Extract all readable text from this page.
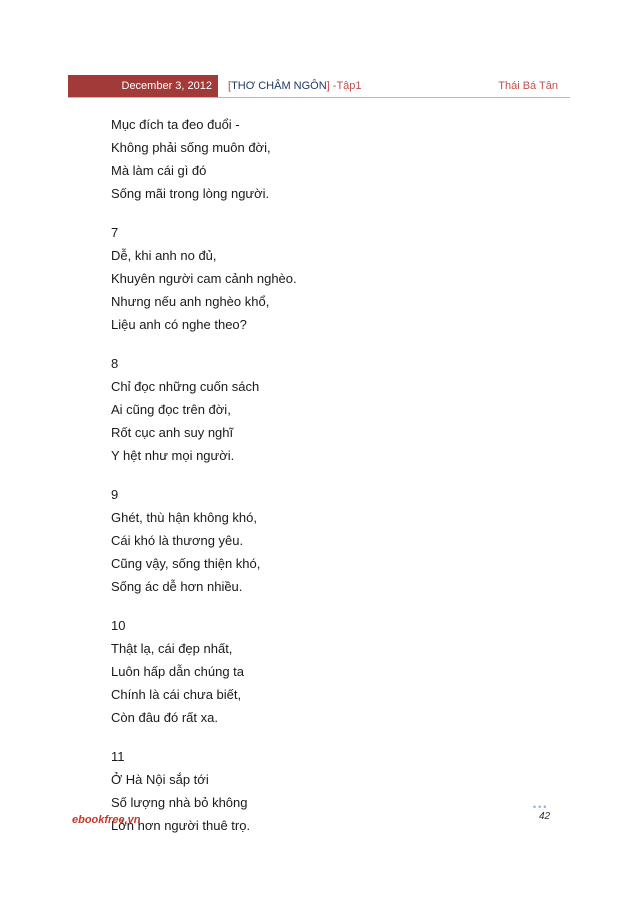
December 3, 2012	[THƠ CHÂM NGÔN] -Tập1	Thái Bá Tân
Mục đích ta đeo đuổi -
Không phải sống muôn đời,
Mà làm cái gì đó
Sống mãi trong lòng người.
7
Dễ, khi anh no đủ,
Khuyên người cam cảnh nghèo.
Nhưng nếu anh nghèo khổ,
Liệu anh có nghe theo?
8
Chỉ đọc những cuốn sách
Ai cũng đọc trên đời,
Rốt cục anh suy nghĩ
Y hệt như mọi người.
9
Ghét, thù hận không khó,
Cái khó là thương yêu.
Cũng vậy, sống thiện khó,
Sống ác dễ hơn nhiều.
10
Thật lạ, cái đẹp nhất,
Luôn hấp dẫn chúng ta
Chính là cái chưa biết,
Còn đâu đó rất xa.
11
Ở Hà Nội sắp tới
Số lượng nhà bỏ không
Lớn hơn người thuê trọ.
ebookfree.vn
•••
42
